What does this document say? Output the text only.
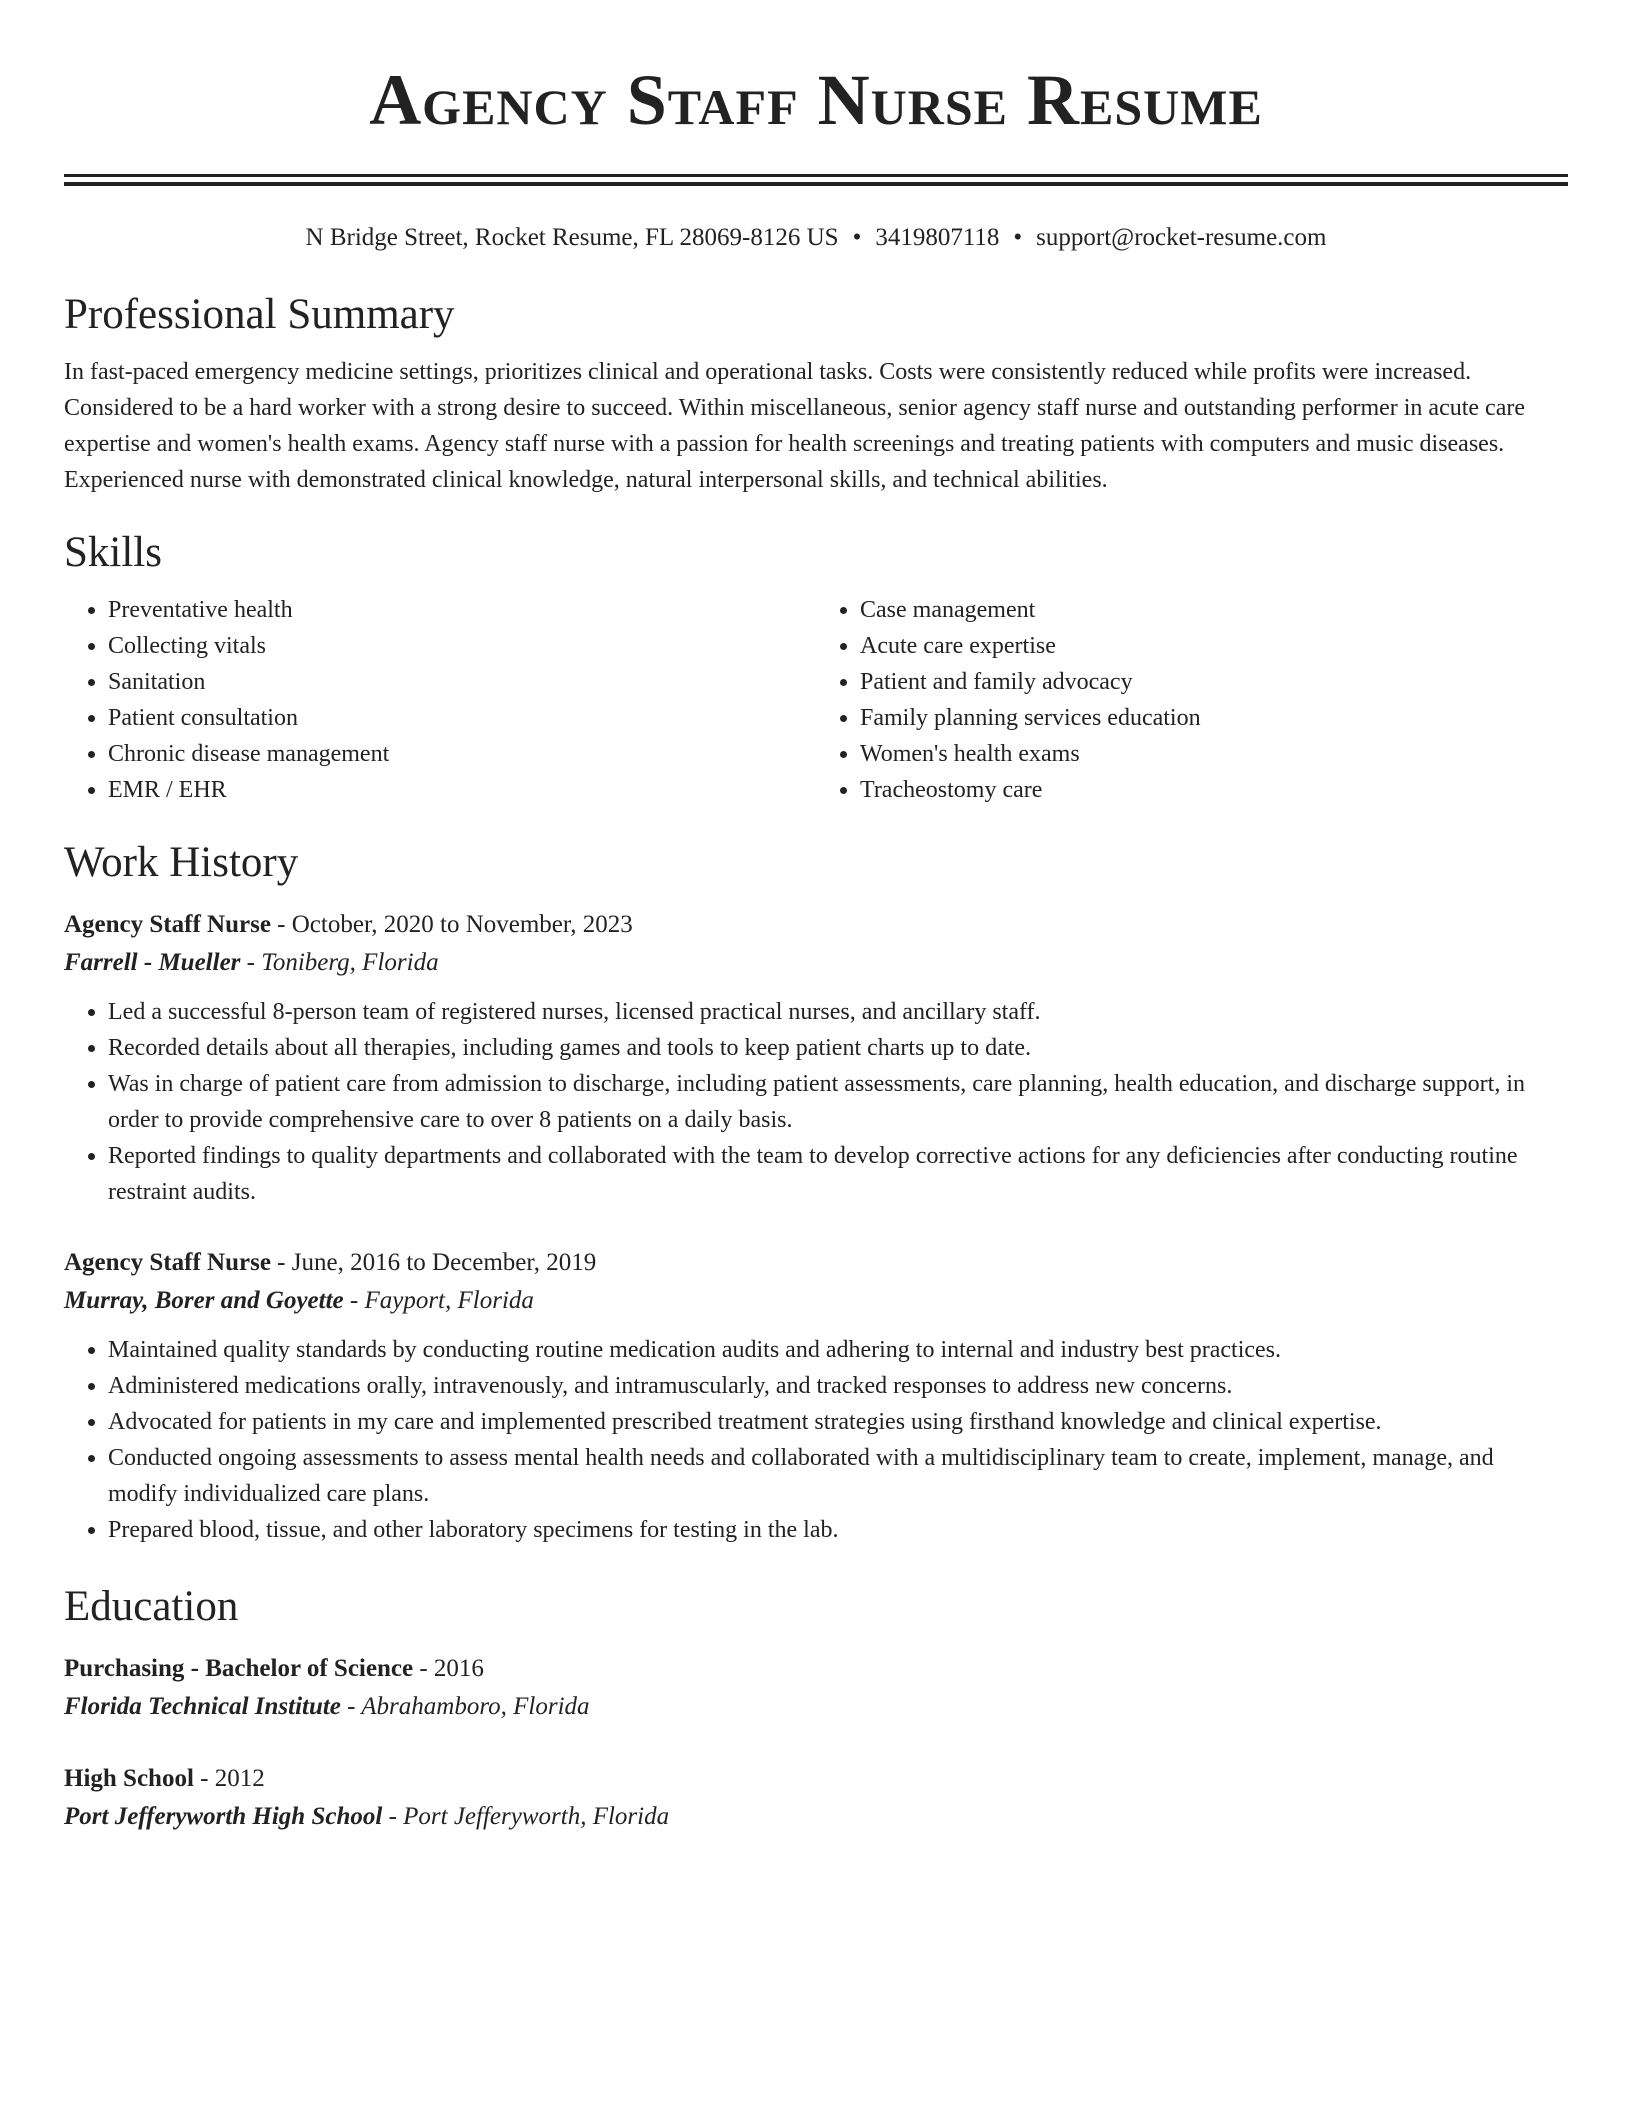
Agency Staff Nurse Resume
N Bridge Street, Rocket Resume, FL 28069-8126 US • 3419807118 • support@rocket-resume.com
Professional Summary

In fast-paced emergency medicine settings, prioritizes clinical and operational tasks. Costs were consistently reduced while profits were increased. Considered to be a hard worker with a strong desire to succeed. Within miscellaneous, senior agency staff nurse and outstanding performer in acute care expertise and women's health exams. Agency staff nurse with a passion for health screenings and treating patients with computers and music diseases. Experienced nurse with demonstrated clinical knowledge, natural interpersonal skills, and technical abilities.

Skills
• Preventative health
• Collecting vitals
• Sanitation
• Patient consultation
• Chronic disease management
• EMR / EHR
• Case management
• Acute care expertise
• Patient and family advocacy
• Family planning services education
• Women's health exams
• Tracheostomy care
Work History
Agency Staff Nurse - October, 2020 to November, 2023
Farrell - Mueller - Toniberg, Florida
• Led a successful 8-person team of registered nurses, licensed practical nurses, and ancillary staff.
• Recorded details about all therapies, including games and tools to keep patient charts up to date.
• Was in charge of patient care from admission to discharge, including patient assessments, care planning, health education, and discharge support, in order to provide comprehensive care to over 8 patients on a daily basis.
• Reported findings to quality departments and collaborated with the team to develop corrective actions for any deficiencies after conducting routine restraint audits.
Agency Staff Nurse - June, 2016 to December, 2019
Murray, Borer and Goyette - Fayport, Florida
• Maintained quality standards by conducting routine medication audits and adhering to internal and industry best practices.
• Administered medications orally, intravenously, and intramuscularly, and tracked responses to address new concerns.
• Advocated for patients in my care and implemented prescribed treatment strategies using firsthand knowledge and clinical expertise.
• Conducted ongoing assessments to assess mental health needs and collaborated with a multidisciplinary team to create, implement, manage, and modify individualized care plans.
• Prepared blood, tissue, and other laboratory specimens for testing in the lab.
Education
Purchasing - Bachelor of Science - 2016
Florida Technical Institute - Abrahamboro, Florida
High School - 2012
Port Jefferyworth High School - Port Jefferyworth, Florida
